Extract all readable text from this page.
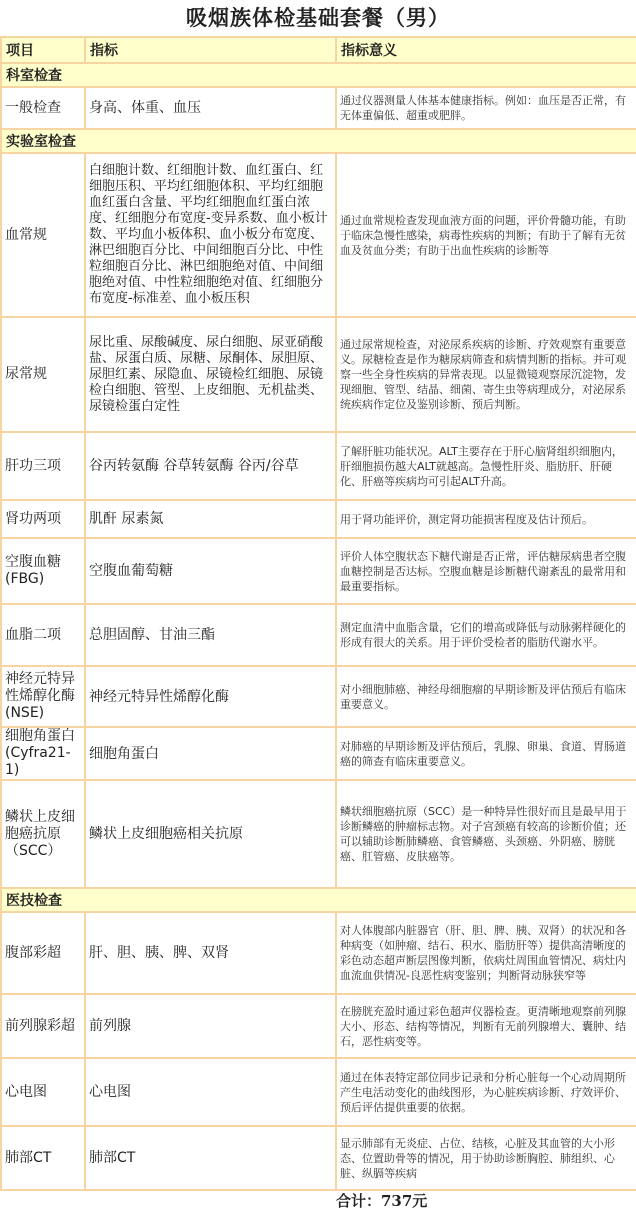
吸烟族体检基础套餐（男）
项目	指标	指标意义
科室检查		
一般检查	身高、体重、血压	通过仪器测量人体基本健康指标。例如：血压是否正常，有无体重偏低、超重或肥胖。
实验室检查		
血常规	白细胞计数、红细胞计数、血红蛋白、红细胞压积、平均红细胞体积、平均红细胞血红蛋白含量、平均红细胞血红蛋白浓度、红细胞分布宽度-变异系数、血小板计数、平均血小板体积、血小板分布宽度、淋巴细胞百分比、中间细胞百分比、中性粒细胞百分比、淋巴细胞绝对值、中间细胞绝对值、中性粒细胞绝对值、红细胞分布宽度-标准差、血小板压积	通过血常规检查发现血液方面的问题，评价骨髓功能，有助于临床急慢性感染，病毒性疾病的判断；有助于了解有无贫血及贫血分类；有助于出血性疾病的诊断等
尿常规	尿比重、尿酸碱度、尿白细胞、尿亚硝酸盐、尿蛋白质、尿糖、尿酮体、尿胆原、尿胆红素、尿隐血、尿镜检红细胞、尿镜检白细胞、管型、上皮细胞、无机盐类、尿镜检蛋白定性	通过尿常规检查，对泌尿系疾病的诊断、疗效观察有重要意义。尿糖检查是作为糖尿病筛查和病情判断的指标。并可观察一些全身性疾病的异常表现。以显微镜观察尿沉淀物，发现细胞、管型、结晶、细菌、寄生虫等病理成分，对泌尿系统疾病作定位及鉴别诊断、预后判断。
肝功三项	谷丙转氨酶 谷草转氨酶 谷丙/谷草	了解肝脏功能状况。ALT主要存在于肝心脑肾组织细胞内，肝细胞损伤越大ALT就越高。急慢性肝炎、脂肪肝、肝硬化、肝癌等疾病均可引起ALT升高。
肾功两项	肌酐 尿素氮	用于肾功能评价，测定肾功能损害程度及估计预后。
空腹血糖(FBG)	空腹血葡萄糖	评价人体空腹状态下糖代谢是否正常，评估糖尿病患者空腹血糖控制是否达标。空腹血糖是诊断糖代谢紊乱的最常用和最重要指标。
血脂二项	总胆固醇、甘油三酯	测定血清中血脂含量，它们的增高或降低与动脉粥样硬化的形成有很大的关系。用于评价受检者的脂肪代谢水平。
神经元特异性烯醇化酶(NSE)	神经元特异性烯醇化酶	对小细胞肺癌、神经母细胞瘤的早期诊断及评估预后有临床重要意义。
细胞角蛋白(Cyfra21-1)	细胞角蛋白	对肺癌的早期诊断及评估预后，乳腺、卵巢、食道、胃肠道癌的筛查有临床重要意义。
鳞状上皮细胞癌抗原（SCC）	鳞状上皮细胞癌相关抗原	鳞状细胞癌抗原（SCC）是一种特异性很好而且是最早用于诊断鳞癌的肿瘤标志物。对子宫颈癌有较高的诊断价值；还可以辅助诊断肺鳞癌、食管鳞癌、头颈癌、外阴癌、膀胱癌、肛管癌、皮肤癌等。
医技检查		
腹部彩超	肝、胆、胰、脾、双肾	对人体腹部内脏器官（肝、胆、脾、胰、双肾）的状况和各种病变（如肿瘤、结石、积水、脂肪肝等）提供高清晰度的彩色动态超声断层图像判断，依病灶周围血管情况、病灶内血流血供情况-良恶性病变鉴别；判断肾动脉狭窄等
前列腺彩超	前列腺	在膀胱充盈时通过彩色超声仪器检查。更清晰地观察前列腺大小、形态、结构等情况，判断有无前列腺增大、囊肿、结石，恶性病变等。
心电图	心电图	通过在体表特定部位同步记录和分析心脏每一个心动周期所产生电活动变化的曲线图形，为心脏疾病诊断、疗效评价、预后评估提供重要的依据。
肺部CT	肺部CT	显示肺部有无炎症、占位、结核，心脏及其血管的大小形态、位置助骨等的情况，用于协助诊断胸腔、肺组织、心脏、纵膈等疾病
合计：737元
